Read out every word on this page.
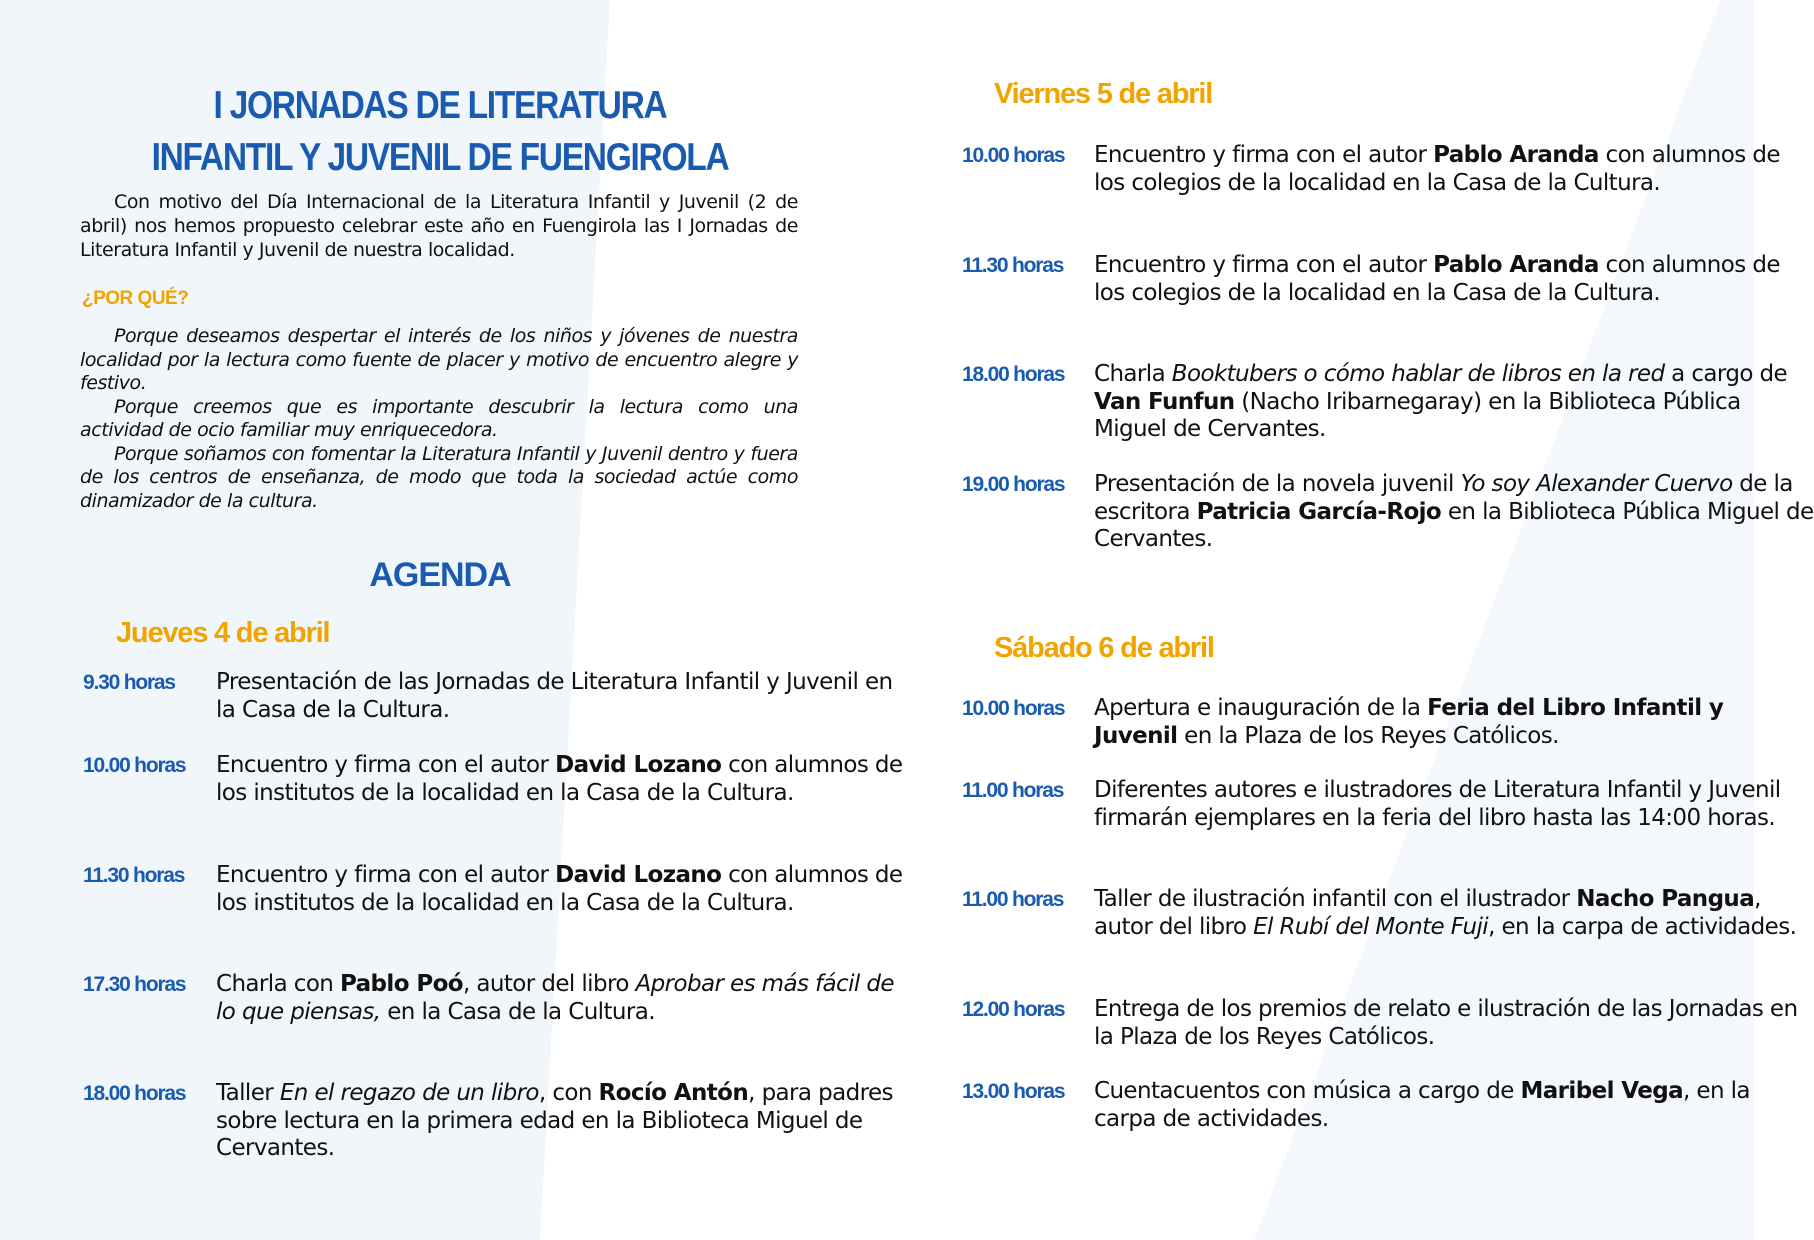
I JORNADAS DE LITERATURA
INFANTIL Y JUVENIL DE FUENGIROLA

Con motivo del Día Internacional de la Literatura Infantil y Juvenil (2 de abril) nos hemos propuesto celebrar este año en Fuengirola las I Jornadas de Literatura Infantil y Juvenil de nuestra localidad.

¿POR QUÉ?

Porque deseamos despertar el interés de los niños y jóvenes de nuestra localidad por la lectura como fuente de placer y motivo de encuentro alegre y festivo.

Porque creemos que es importante descubrir la lectura como una actividad de ocio familiar muy enriquecedora.

Porque soñamos con fomentar la Literatura Infantil y Juvenil dentro y fuera de los centros de enseñanza, de modo que toda la sociedad actúe como dinamizador de la cultura.

AGENDA
Jueves 4 de abril
9.30 horas Presentación de las Jornadas de Literatura Infantil y Juvenil en la Casa de la Cultura.
10.00 horas Encuentro y firma con el autor David Lozano con alumnos de los institutos de la localidad en la Casa de la Cultura.
11.30 horas Encuentro y firma con el autor David Lozano con alumnos de los institutos de la localidad en la Casa de la Cultura.
17.30 horas Charla con Pablo Poó, autor del libro Aprobar es más fácil de lo que piensas, en la Casa de la Cultura.
18.00 horas Taller En el regazo de un libro, con Rocío Antón, para padres sobre lectura en la primera edad en la Biblioteca Miguel de Cervantes.
Viernes 5 de abril
10.00 horas Encuentro y firma con el autor Pablo Aranda con alumnos de los colegios de la localidad en la Casa de la Cultura.
11.30 horas Encuentro y firma con el autor Pablo Aranda con alumnos de los colegios de la localidad en la Casa de la Cultura.
18.00 horas Charla Booktubers o cómo hablar de libros en la red a cargo de Van Funfun (Nacho Iribarnegaray) en la Biblioteca Pública Miguel de Cervantes.
19.00 horas Presentación de la novela juvenil Yo soy Alexander Cuervo de la escritora Patricia García-Rojo en la Biblioteca Pública Miguel de Cervantes.
Sábado 6 de abril
10.00 horas Apertura e inauguración de la Feria del Libro Infantil y Juvenil en la Plaza de los Reyes Católicos.
11.00 horas Diferentes autores e ilustradores de Literatura Infantil y Juvenil firmarán ejemplares en la feria del libro hasta las 14:00 horas.
11.00 horas Taller de ilustración infantil con el ilustrador Nacho Pangua, autor del libro El Rubí del Monte Fuji, en la carpa de actividades.
12.00 horas Entrega de los premios de relato e ilustración de las Jornadas en la Plaza de los Reyes Católicos.
13.00 horas Cuentacuentos con música a cargo de Maribel Vega, en la carpa de actividades.
